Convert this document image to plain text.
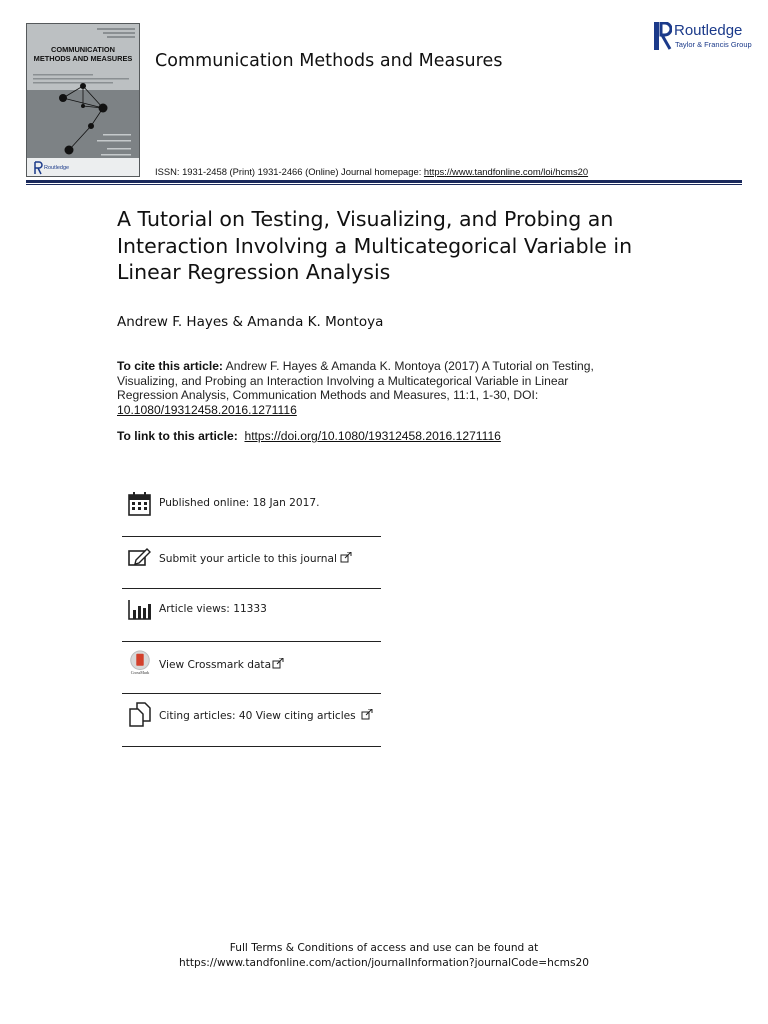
COMMUNICATION
METHODS AND MEASURES
Routledge
Communication Methods and Measures
Routledge
Taylor & Francis Group
ISSN: 1931-2458 (Print) 1931-2466 (Online) Journal homepage: https://www.tandfonline.com/loi/hcms20
A Tutorial on Testing, Visualizing, and Probing an
Interaction Involving a Multicategorical Variable in
Linear Regression Analysis
Andrew F. Hayes & Amanda K. Montoya
To cite this article: Andrew F. Hayes & Amanda K. Montoya (2017) A Tutorial on Testing, Visualizing, and Probing an Interaction Involving a Multicategorical Variable in Linear Regression Analysis, Communication Methods and Measures, 11:1, 1-30, DOI: 10.1080/19312458.2016.1271116
To link to this article:  https://doi.org/10.1080/19312458.2016.1271116
Published online: 18 Jan 2017.
Submit your article to this journal
Article views: 11333
CrossMark
View Crossmark data
Citing articles: 40 View citing articles
Full Terms & Conditions of access and use can be found at
https://www.tandfonline.com/action/journalInformation?journalCode=hcms20
